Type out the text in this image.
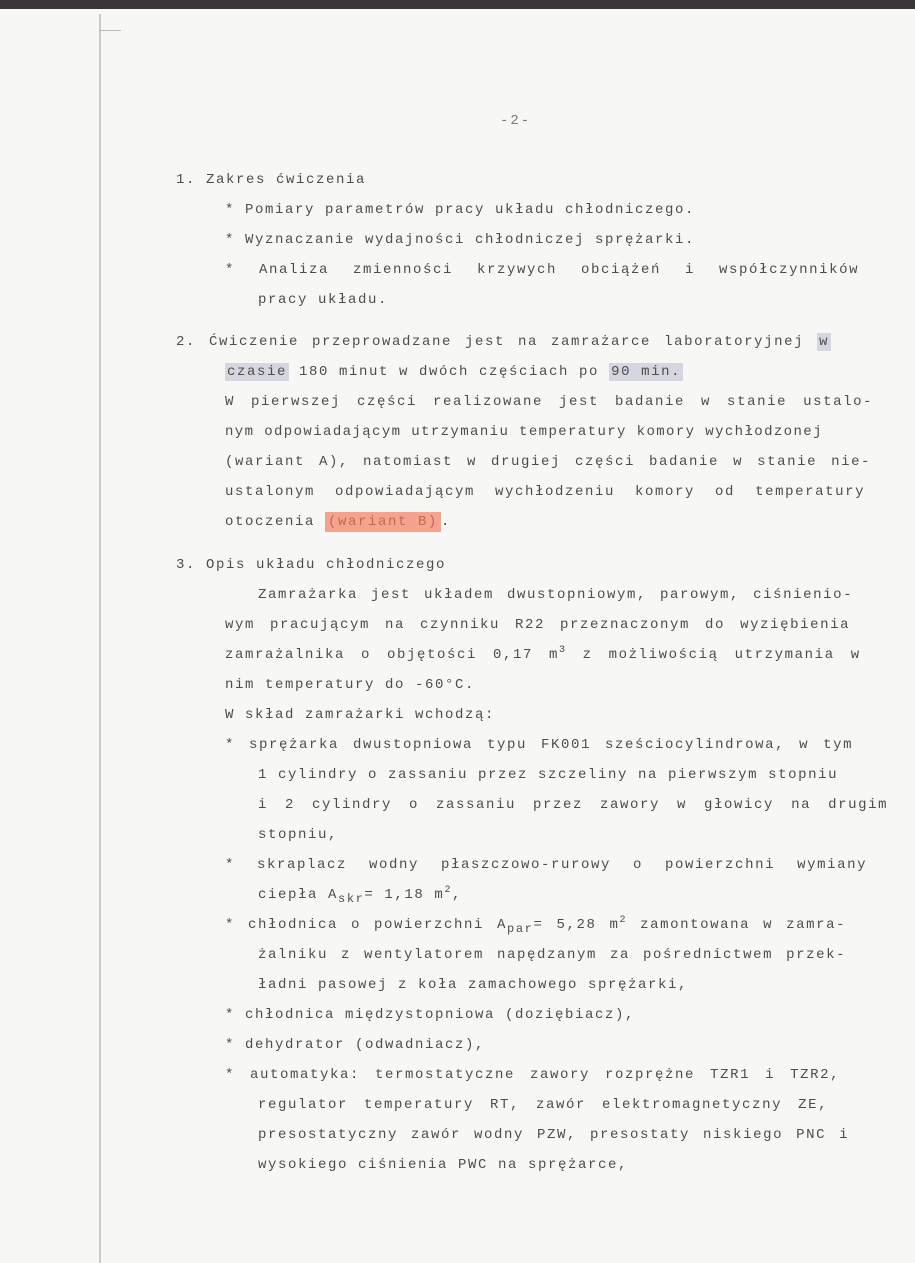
-2-
1. Zakres ćwiczenia
* Pomiary parametrów pracy układu chłodniczego.
* Wyznaczanie wydajności chłodniczej sprężarki.
* Analiza zmienności krzywych obciążeń i współczynników
pracy układu.
2. Ćwiczenie przeprowadzane jest na zamrażarce laboratoryjnej w
czasie 180 minut w dwóch częściach po 90 min.
W pierwszej części realizowane jest badanie w stanie ustalo-
nym odpowiadającym utrzymaniu temperatury komory wychłodzonej
(wariant A), natomiast w drugiej części badanie w stanie nie-
ustalonym odpowiadającym wychłodzeniu komory od temperatury
otoczenia (wariant B) .
3. Opis układu chłodniczego
Zamrażarka jest układem dwustopniowym, parowym, ciśnienio-
wym pracującym na czynniku R22 przeznaczonym do wyziębienia
zamrażalnika o objętości 0,17 $m^3$ z możliwością utrzymania w
nim temperatury do -60°C.
W skład zamrażarki wchodzą:
* sprężarka dwustopniowa typu FK001 sześciocylindrowa, w tym
1 cylindry o zassaniu przez szczeliny na pierwszym stopniu
i 2 cylindry o zassaniu przez zawory w głowicy na drugim
stopniu,
* skraplacz wodny płaszczowo-rurowy o powierzchni wymiany
ciepła $A_{skr}= 1,18$ $m^2$,
* chłodnica o powierzchni $A_{par}= 5,28$ $m^2$ zamontowana w zamra-
żalniku z wentylatorem napędzanym za pośrednictwem przek-
ładni pasowej z koła zamachowego sprężarki,
* chłodnica międzystopniowa (doziębiacz),
* dehydrator (odwadniacz),
* automatyka: termostatyczne zawory rozprężne TZR1 i TZR2,
regulator temperatury RT, zawór elektromagnetyczny ZE,
presostatyczny zawór wodny PZW, presostaty niskiego PNC i
wysokiego ciśnienia PWC na sprężarce,
